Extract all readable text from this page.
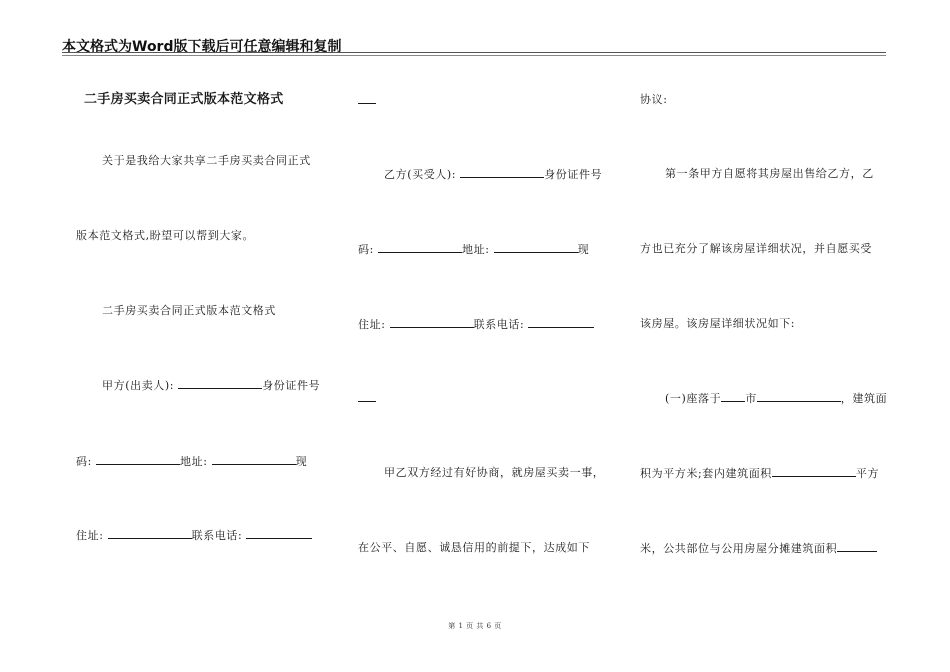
本文格式为Word版下载后可任意编辑和复制

二手房买卖合同正式版本范文格式

关于是我给大家共享二手房买卖合同正式

版本范文格式,盼望可以帮到大家。

二手房买卖合同正式版本范文格式

甲方(出卖人):	身份证件号

码:	地址:	现

住址:	联系电话:

乙方(买受人):	身份证件号

码:	地址:	现

住址:	联系电话:

甲乙双方经过有好协商，就房屋买卖一事，

在公平、自愿、诚恳信用的前提下，达成如下

协议:

第一条甲方自愿将其房屋出售给乙方，乙

方也已充分了解该房屋详细状况，并自愿买受

该房屋。该房屋详细状况如下:

(一)座落于 市	，建筑面

积为平方米;套内建筑面积	平方

米，公共部位与公用房屋分摊建筑面积

第 1 页 共 6 页
